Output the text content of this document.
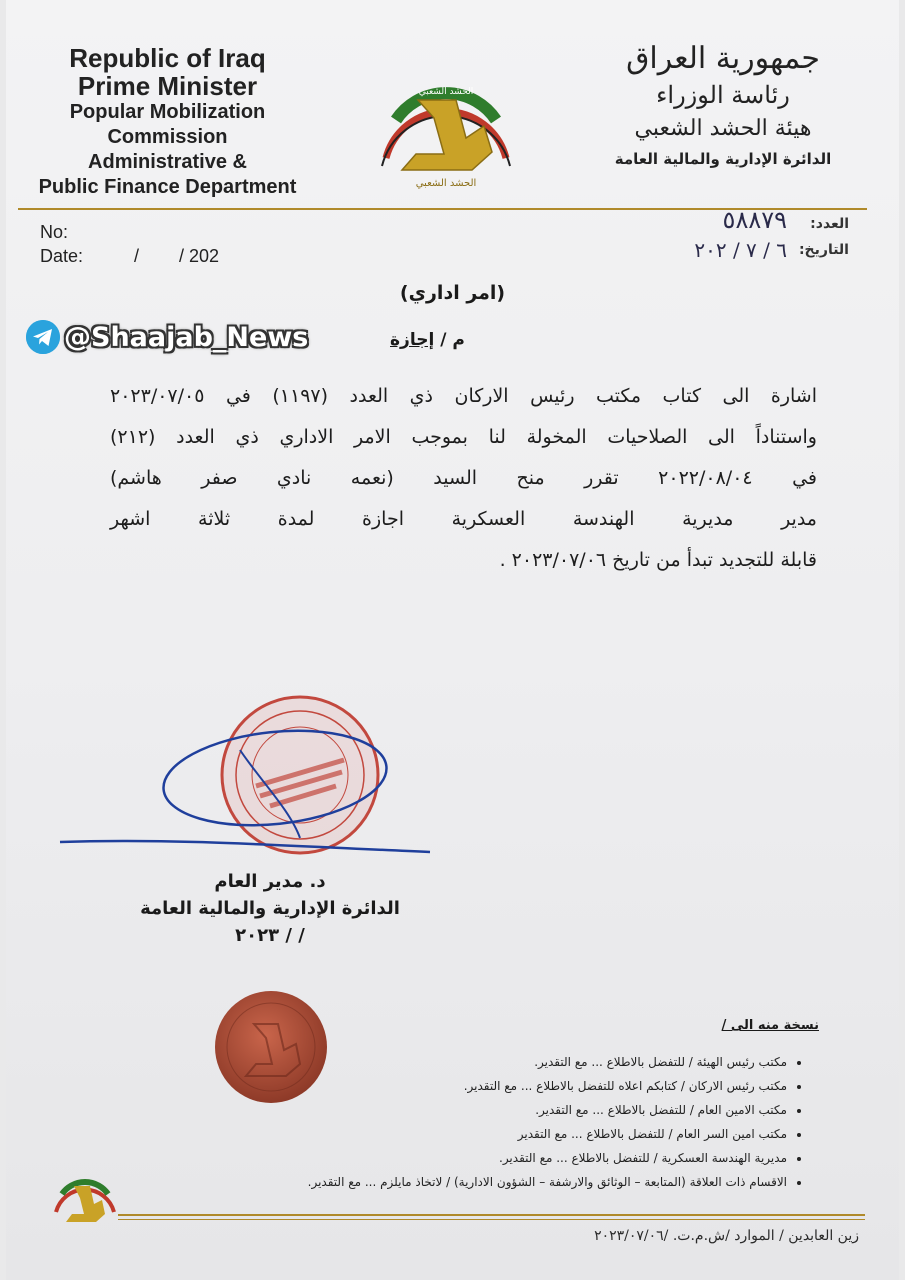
Republic of Iraq
Prime Minister
Popular Mobilization
Commission
Administrative &
Public Finance Department
الحشد الشعبي
الحشد الشعبي
جمهورية العراق
رئاسة الوزراء
هيئة الحشد الشعبي
الدائرة الإدارية والمالية العامة
No:
Date:	/        / 202
العدد:
التاريخ:
٥٨٨٧٩
٦ / ٧ / ٢٠٢
(امر اداري)
م / إجازة
@Shaajab_News

اشارة الى كتاب مكتب رئيس الاركان ذي العدد (١١٩٧) في ٢٠٢٣/٠٧/٠٥

واستناداً الى الصلاحيات المخولة لنا بموجب الامر الاداري ذي العدد (٢١٢)

في ٢٠٢٢/٠٨/٠٤ تقرر منح السيد (نعمه نادي صفر هاشم)

مدير مديرية الهندسة العسكرية اجازة لمدة ثلاثة اشهر

قابلة للتجديد تبدأ من تاريخ ٢٠٢٣/٠٧/٠٦ .

د. مدير العام
الدائرة الإدارية والمالية العامة
/ / ٢٠٢٣
نسخة منه الى /
• مكتب رئيس الهيئة / للتفضل بالاطلاع ... مع التقدير.
• مكتب رئيس الاركان / كتابكم اعلاه للتفضل بالاطلاع ... مع التقدير.
• مكتب الامين العام / للتفضل بالاطلاع ... مع التقدير.
• مكتب امين السر العام / للتفضل بالاطلاع ... مع التقدير
• مديرية الهندسة العسكرية / للتفضل بالاطلاع ... مع التقدير.
• الاقسام ذات العلاقة (المتابعة – الوثائق والارشفة – الشؤون الادارية) / لاتخاذ مايلزم ... مع التقدير.
زين العابدين / الموارد /ش.م.ت. /٢٠٢٣/٠٧/٠٦
